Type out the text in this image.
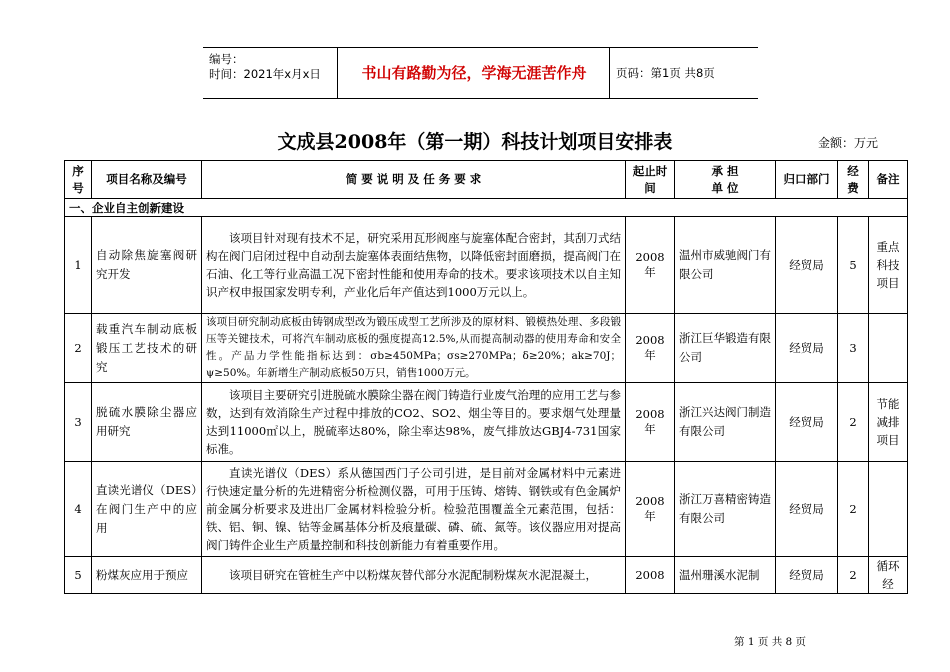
编号：
时间：2021年x月x日	书山有路勤为径，学海无涯苦作舟	页码：第1页 共8页
文成县2008年（第一期）科技计划项目安排表	金额：万元
序号	项目名称及编号	简 要 说 明 及 任 务 要 求	起止时间	承 担
单 位	归口部门	经费	备注
一、企业自主创新建设							
1	自动除焦旋塞阀研究开发	该项目针对现有技术不足，研究采用瓦形阀座与旋塞体配合密封，其刮刀式结构在阀门启闭过程中自动刮去旋塞体表面结焦物，以降低密封面磨损，提高阀门在石油、化工等行业高温工况下密封性能和使用寿命的技术。要求该项技术以自主知识产权申报国家发明专利，产业化后年产值达到1000万元以上。	2008年	温州市威驰阀门有限公司	经贸局	5	重点科技项目
2	载重汽车制动底板锻压工艺技术的研究	该项目研究制动底板由铸钢成型改为锻压成型工艺所涉及的原材料、锻模热处理、多段锻压等关键技术，可将汽车制动底板的强度提高12.5%,从而提高制动器的使用寿命和安全性。产品力学性能指标达到：σb≥450MPa；σs≥270MPa；δ≥20%；ak≥70J；ψ≥50%。年新增生产制动底板50万只，销售1000万元。	2008年	浙江巨华锻造有限公司	经贸局	3	
3	脱硫水膜除尘器应用研究	该项目主要研究引进脱硫水膜除尘器在阀门铸造行业废气治理的应用工艺与参数，达到有效消除生产过程中排放的CO2、SO2、烟尘等目的。要求烟气处理量达到11000㎡以上，脱硫率达80%，除尘率达98%，废气排放达GBJ4-731国家标准。	2008年	浙江兴达阀门制造有限公司	经贸局	2	节能减排项目
4	直读光谱仪（DES）在阀门生产中的应用	直读光谱仪（DES）系从德国西门子公司引进，是目前对金属材料中元素进行快速定量分析的先进精密分析检测仪器，可用于压铸、熔铸、钢铁或有色金属炉前金属分析要求及进出厂金属材料检验分析。检验范围覆盖全元素范围，包括：铁、铝、铜、镍、钴等金属基体分析及痕量碳、磷、硫、氮等。该仪器应用对提高阀门铸件企业生产质量控制和科技创新能力有着重要作用。	2008年	浙江万喜精密铸造有限公司	经贸局	2	
5	粉煤灰应用于预应	该项目研究在管桩生产中以粉煤灰替代部分水泥配制粉煤灰水泥混凝土，	2008	温州珊溪水泥制	经贸局	2	循环经
第 1 页 共 8 页
